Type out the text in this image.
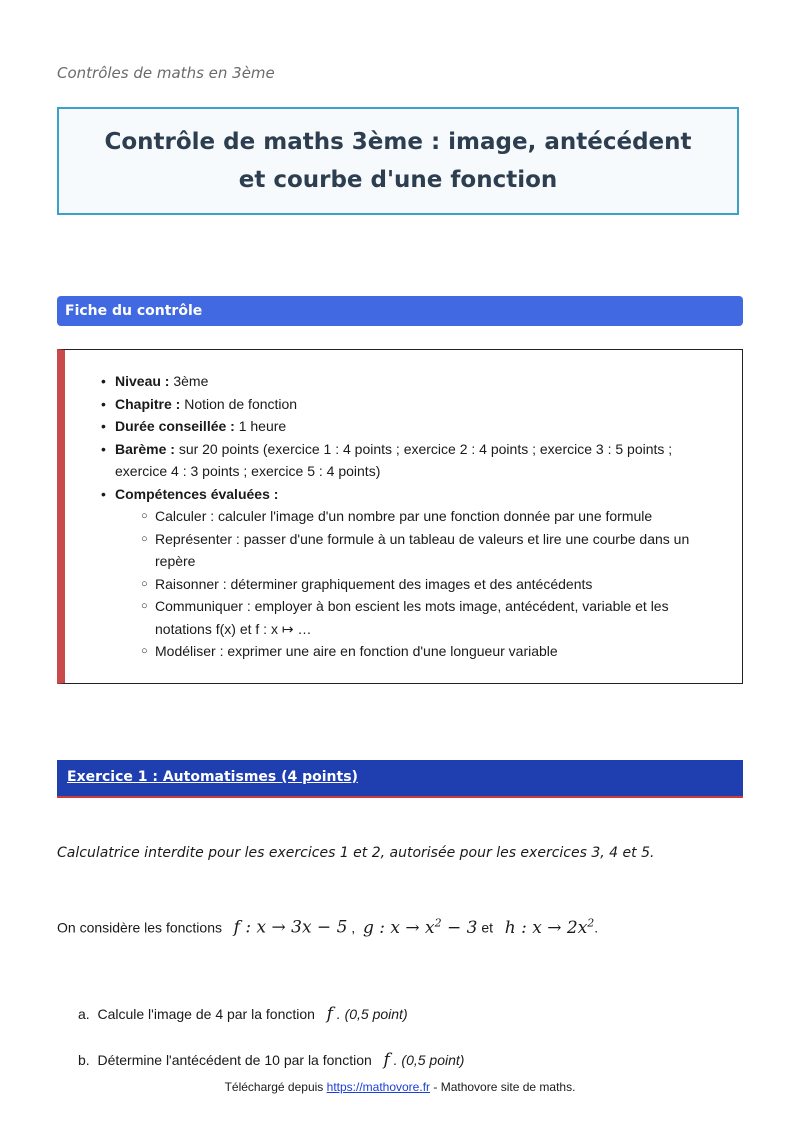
Contrôles de maths en 3ème
Contrôle de maths 3ème : image, antécédent et courbe d'une fonction
Fiche du contrôle
• Niveau : 3ème
• Chapitre : Notion de fonction
• Durée conseillée : 1 heure
• Barème : sur 20 points (exercice 1 : 4 points ; exercice 2 : 4 points ; exercice 3 : 5 points ; exercice 4 : 3 points ; exercice 5 : 4 points)
• Compétences évaluées :
○ Calculer : calculer l'image d'un nombre par une fonction donnée par une formule
○ Représenter : passer d'une formule à un tableau de valeurs et lire une courbe dans un repère
○ Raisonner : déterminer graphiquement des images et des antécédents
○ Communiquer : employer à bon escient les mots image, antécédent, variable et les notations f(x) et f : x ↦ …
○ Modéliser : exprimer une aire en fonction d'une longueur variable
Exercice 1 : Automatismes (4 points)
Calculatrice interdite pour les exercices 1 et 2, autorisée pour les exercices 3, 4 et 5.
On considère les fonctions f : x → 3x − 5 ,  g : $x \to x^2 - 3$ et h : $x \to 2x^2$.
a. Calcule l'image de 4 par la fonction f . (0,5 point)
b. Détermine l'antécédent de 10 par la fonction f . (0,5 point)
Téléchargé depuis https://mathovore.fr - Mathovore site de maths.
